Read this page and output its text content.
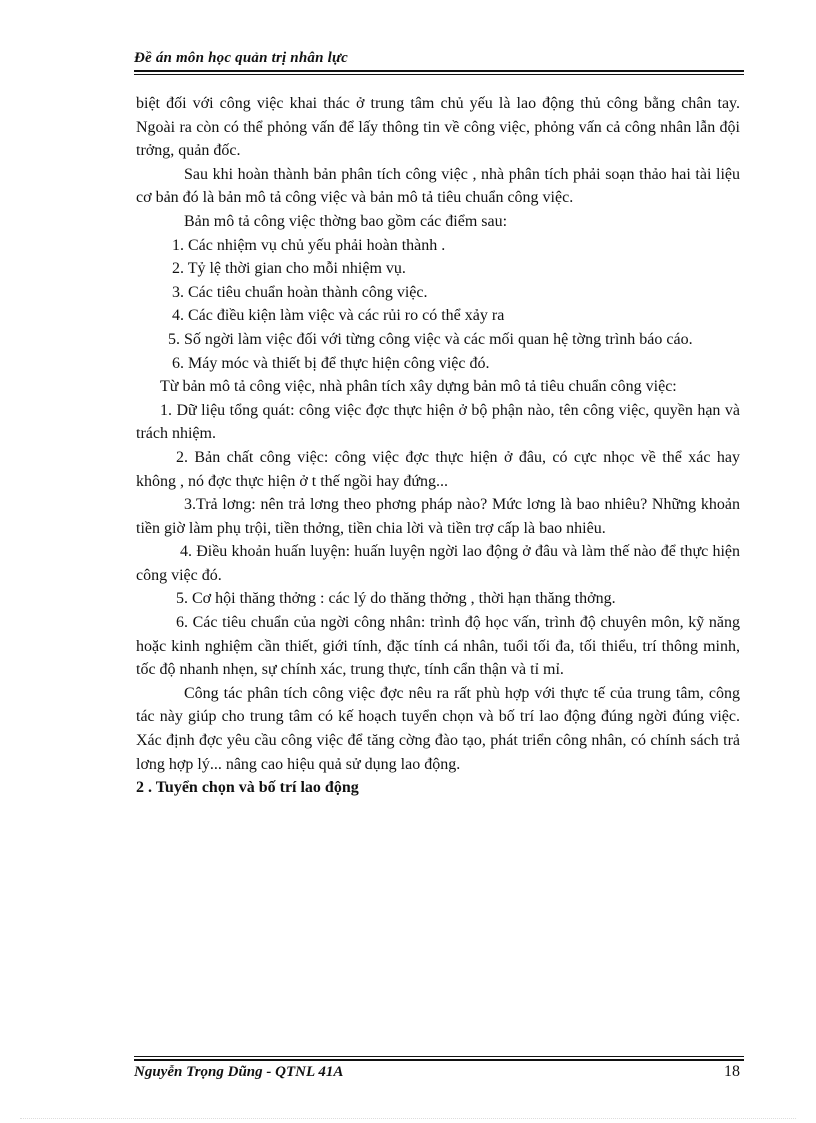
Đề án môn học quản trị nhân lực

biệt đối với công việc khai thác ở trung tâm chủ yếu là lao động thủ công bằng chân tay. Ngoài ra còn có thể phỏng vấn để lấy thông tin về công việc, phỏng vấn cả công nhân lẫn đội trởng, quản đốc.

Sau khi hoàn thành bản phân tích công việc , nhà phân tích phải soạn thảo hai tài liệu cơ bản đó là bản mô tả công việc và bản mô tả tiêu chuẩn công việc.

Bản mô tả công việc thờng bao gồm các điểm sau:

1. Các nhiệm vụ chủ yếu phải hoàn thành .

2. Tỷ lệ thời gian cho mỗi nhiệm vụ.

3. Các tiêu chuẩn hoàn thành công việc.

4. Các điều kiện làm việc và các rủi ro có thể xảy ra

5. Số ngời làm việc đối với từng công việc và các mối quan hệ tờng trình báo cáo.

6. Máy móc và thiết bị để thực hiện công việc đó.

Từ bản mô tả công việc, nhà phân tích xây dựng bản mô tả tiêu chuẩn công việc:

1. Dữ liệu tổng quát: công việc đợc thực hiện ở bộ phận nào, tên công việc, quyền hạn và trách nhiệm.

2. Bản chất công việc: công việc đợc thực hiện ở đâu, có cực nhọc về thể xác hay không , nó đợc thực hiện ở t thế ngồi hay đứng...

3.Trả lơng: nên trả lơng theo phơng pháp nào? Mức lơng là bao nhiêu? Những khoản tiền giờ làm phụ trội, tiền thởng, tiền chia lời và tiền trợ cấp là bao nhiêu.

4. Điều khoản huấn luyện: huấn luyện ngời lao động ở đâu và làm thế nào để thực hiện công việc đó.

5. Cơ hội thăng thởng : các lý do thăng thởng , thời hạn thăng thởng.

6. Các tiêu chuẩn của ngời công nhân: trình độ học vấn, trình độ chuyên môn, kỹ năng hoặc kinh nghiệm cần thiết, giới tính, đặc tính cá nhân, tuổi tối đa, tối thiểu, trí thông minh, tốc độ nhanh nhẹn, sự chính xác, trung thực, tính cẩn thận và tỉ mỉ.

Công tác phân tích công việc đợc nêu ra rất phù hợp với thực tế của trung tâm, công tác này giúp cho trung tâm có kế hoạch tuyển chọn và bố trí lao động đúng ngời đúng việc. Xác định đợc yêu cầu công việc để tăng cờng đào tạo, phát triển công nhân, có chính sách trả lơng hợp lý... nâng cao hiệu quả sử dụng lao động.

2 . Tuyển chọn và bố trí lao động

Nguyễn Trọng Dũng - QTNL 41A	18
